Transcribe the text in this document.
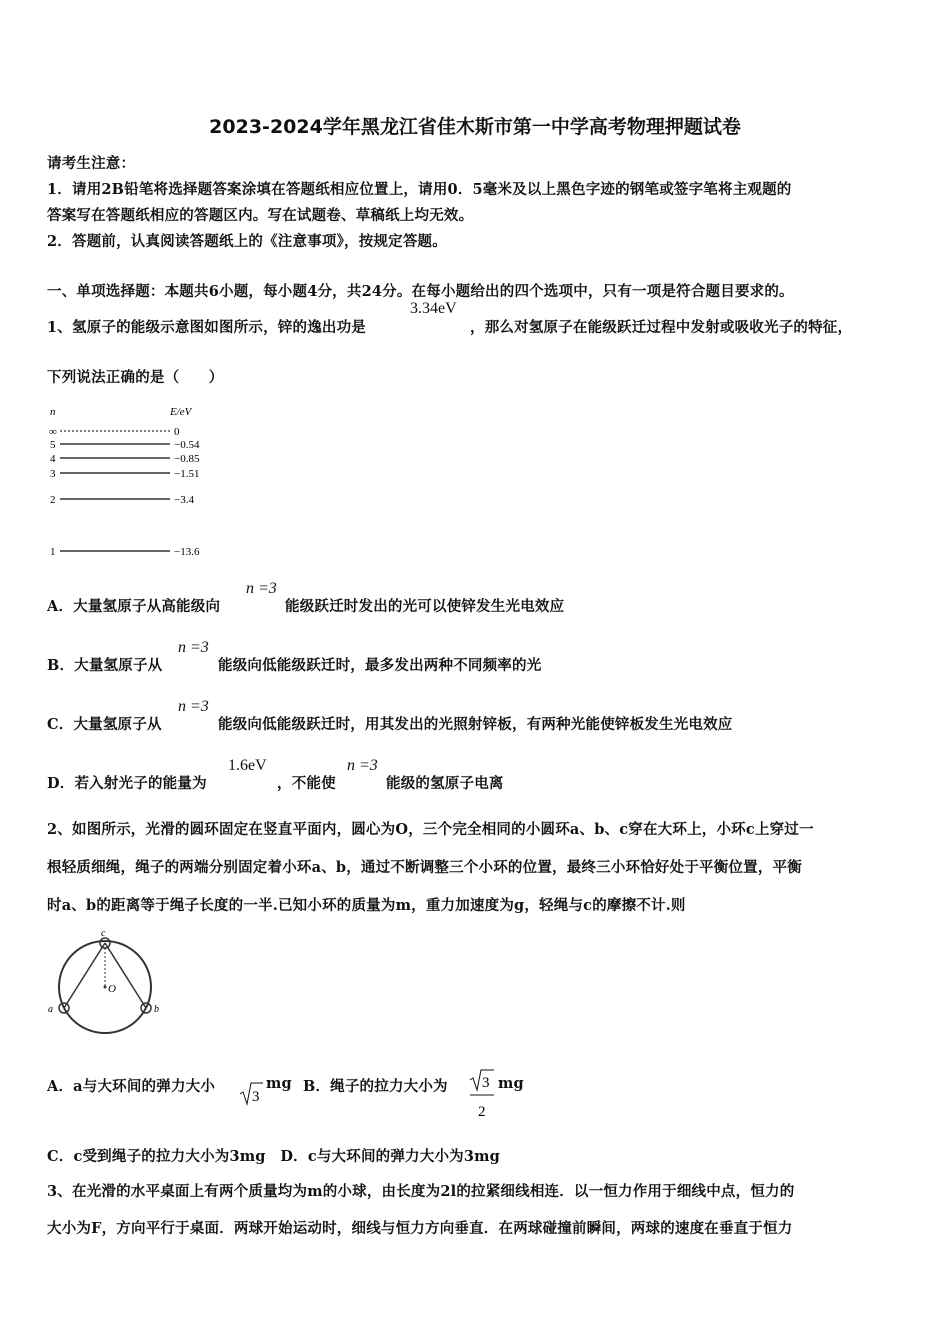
2023-2024学年黑龙江省佳木斯市第一中学高考物理押题试卷
请考生注意：
1．请用2B铅笔将选择题答案涂填在答题纸相应位置上，请用0．5毫米及以上黑色字迹的钢笔或签字笔将主观题的
答案写在答题纸相应的答题区内。写在试题卷、草稿纸上均无效。
2．答题前，认真阅读答题纸上的《注意事项》，按规定答题。
一、单项选择题：本题共6小题，每小题4分，共24分。在每小题给出的四个选项中，只有一项是符合题目要求的。
1、氢原子的能级示意图如图所示，锌的逸出功是
3.34eV
，那么对氢原子在能级跃迁过程中发射或吸收光子的特征，
下列说法正确的是（　　）
n	E/eV
∞	0
5	−0.54
4	−0.85
3	−1.51
2	−3.4
1	−13.6
A．大量氢原子从高能级向
n =3
能级跃迁时发出的光可以使锌发生光电效应
B．大量氢原子从
n =3
能级向低能级跃迁时，最多发出两种不同频率的光
C．大量氢原子从
n =3
能级向低能级跃迁时，用其发出的光照射锌板，有两种光能使锌板发生光电效应
D．若入射光子的能量为
1.6eV
，不能使
n =3
能级的氢原子电离
2、如图所示，光滑的圆环固定在竖直平面内，圆心为O，三个完全相同的小圆环a、b、c穿在大环上，小环c上穿过一
根轻质细绳，绳子的两端分别固定着小环a、b，通过不断调整三个小环的位置，最终三小环恰好处于平衡位置，平衡
时a、b的距离等于绳子长度的一半.已知小环的质量为m，重力加速度为g，轻绳与c的摩擦不计.则
c
O
a	b
A．a与大环间的弹力大小
3
mg B．绳子的拉力大小为 3
2
mg
C．c受到绳子的拉力大小为3mg　D．c与大环间的弹力大小为3mg
3、在光滑的水平桌面上有两个质量均为m的小球，由长度为2l的拉紧细线相连．以一恒力作用于细线中点，恒力的
大小为F，方向平行于桌面．两球开始运动时，细线与恒力方向垂直．在两球碰撞前瞬间，两球的速度在垂直于恒力
